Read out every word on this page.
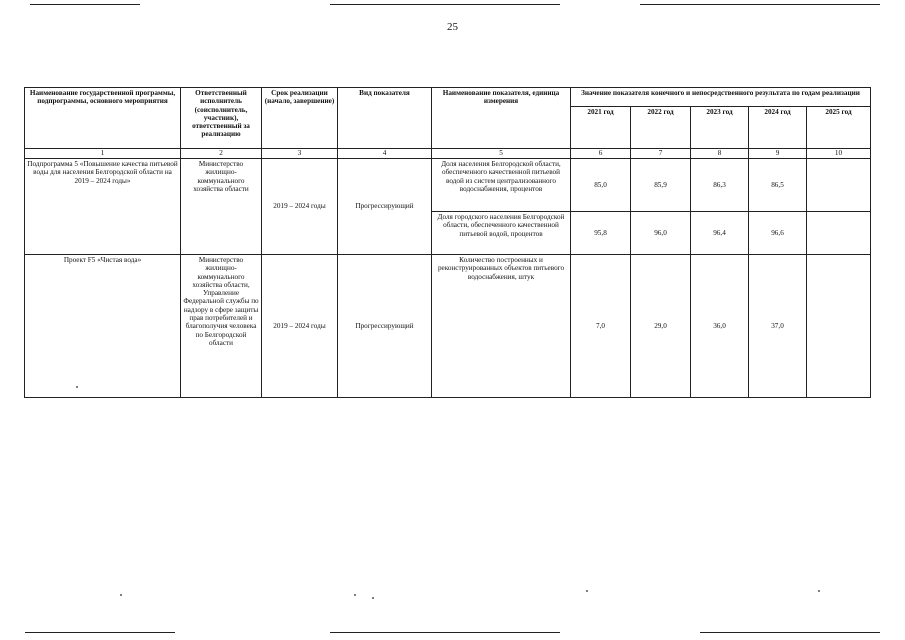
25
Наименование государственной программы, подпрограммы, основного мероприятия	Ответственный исполнитель (соисполнитель, участник), ответственный за реализацию	Срок реализации (начало, завершение)	Вид показателя	Наименование показателя, единица измерения	Значение показателя конечного и непосредственного результата по годам реализации				
					2021 год	2022 год	2023 год	2024 год	2025 год
1	2	3	4	5	6	7	8	9	10
Подпрограмма 5 «Повышение качества питьевой воды для населения Белгородской области на 2019 – 2024 годы»	Министерство жилищно-коммунального хозяйства области	2019 – 2024 годы	Прогрессирующий	Доля населения Белгородской области, обеспеченного качественной питьевой водой из систем централизованного водоснабжения, процентов	85,0	85,9	86,3	86,5	
				Доля городского населения Белгородской области, обеспеченного качественной питьевой водой, процентов	95,8	96,0	96,4	96,6	
Проект F5 «Чистая вода»	Министерство жилищно-коммунального хозяйства области, Управление Федеральной службы по надзору в сфере защиты прав потребителей и благополучия человека по Белгородской области	2019 – 2024 годы	Прогрессирующий	Количество построенных и реконструированных объектов питьевого водоснабжения, штук	7,0	29,0	36,0	37,0	
